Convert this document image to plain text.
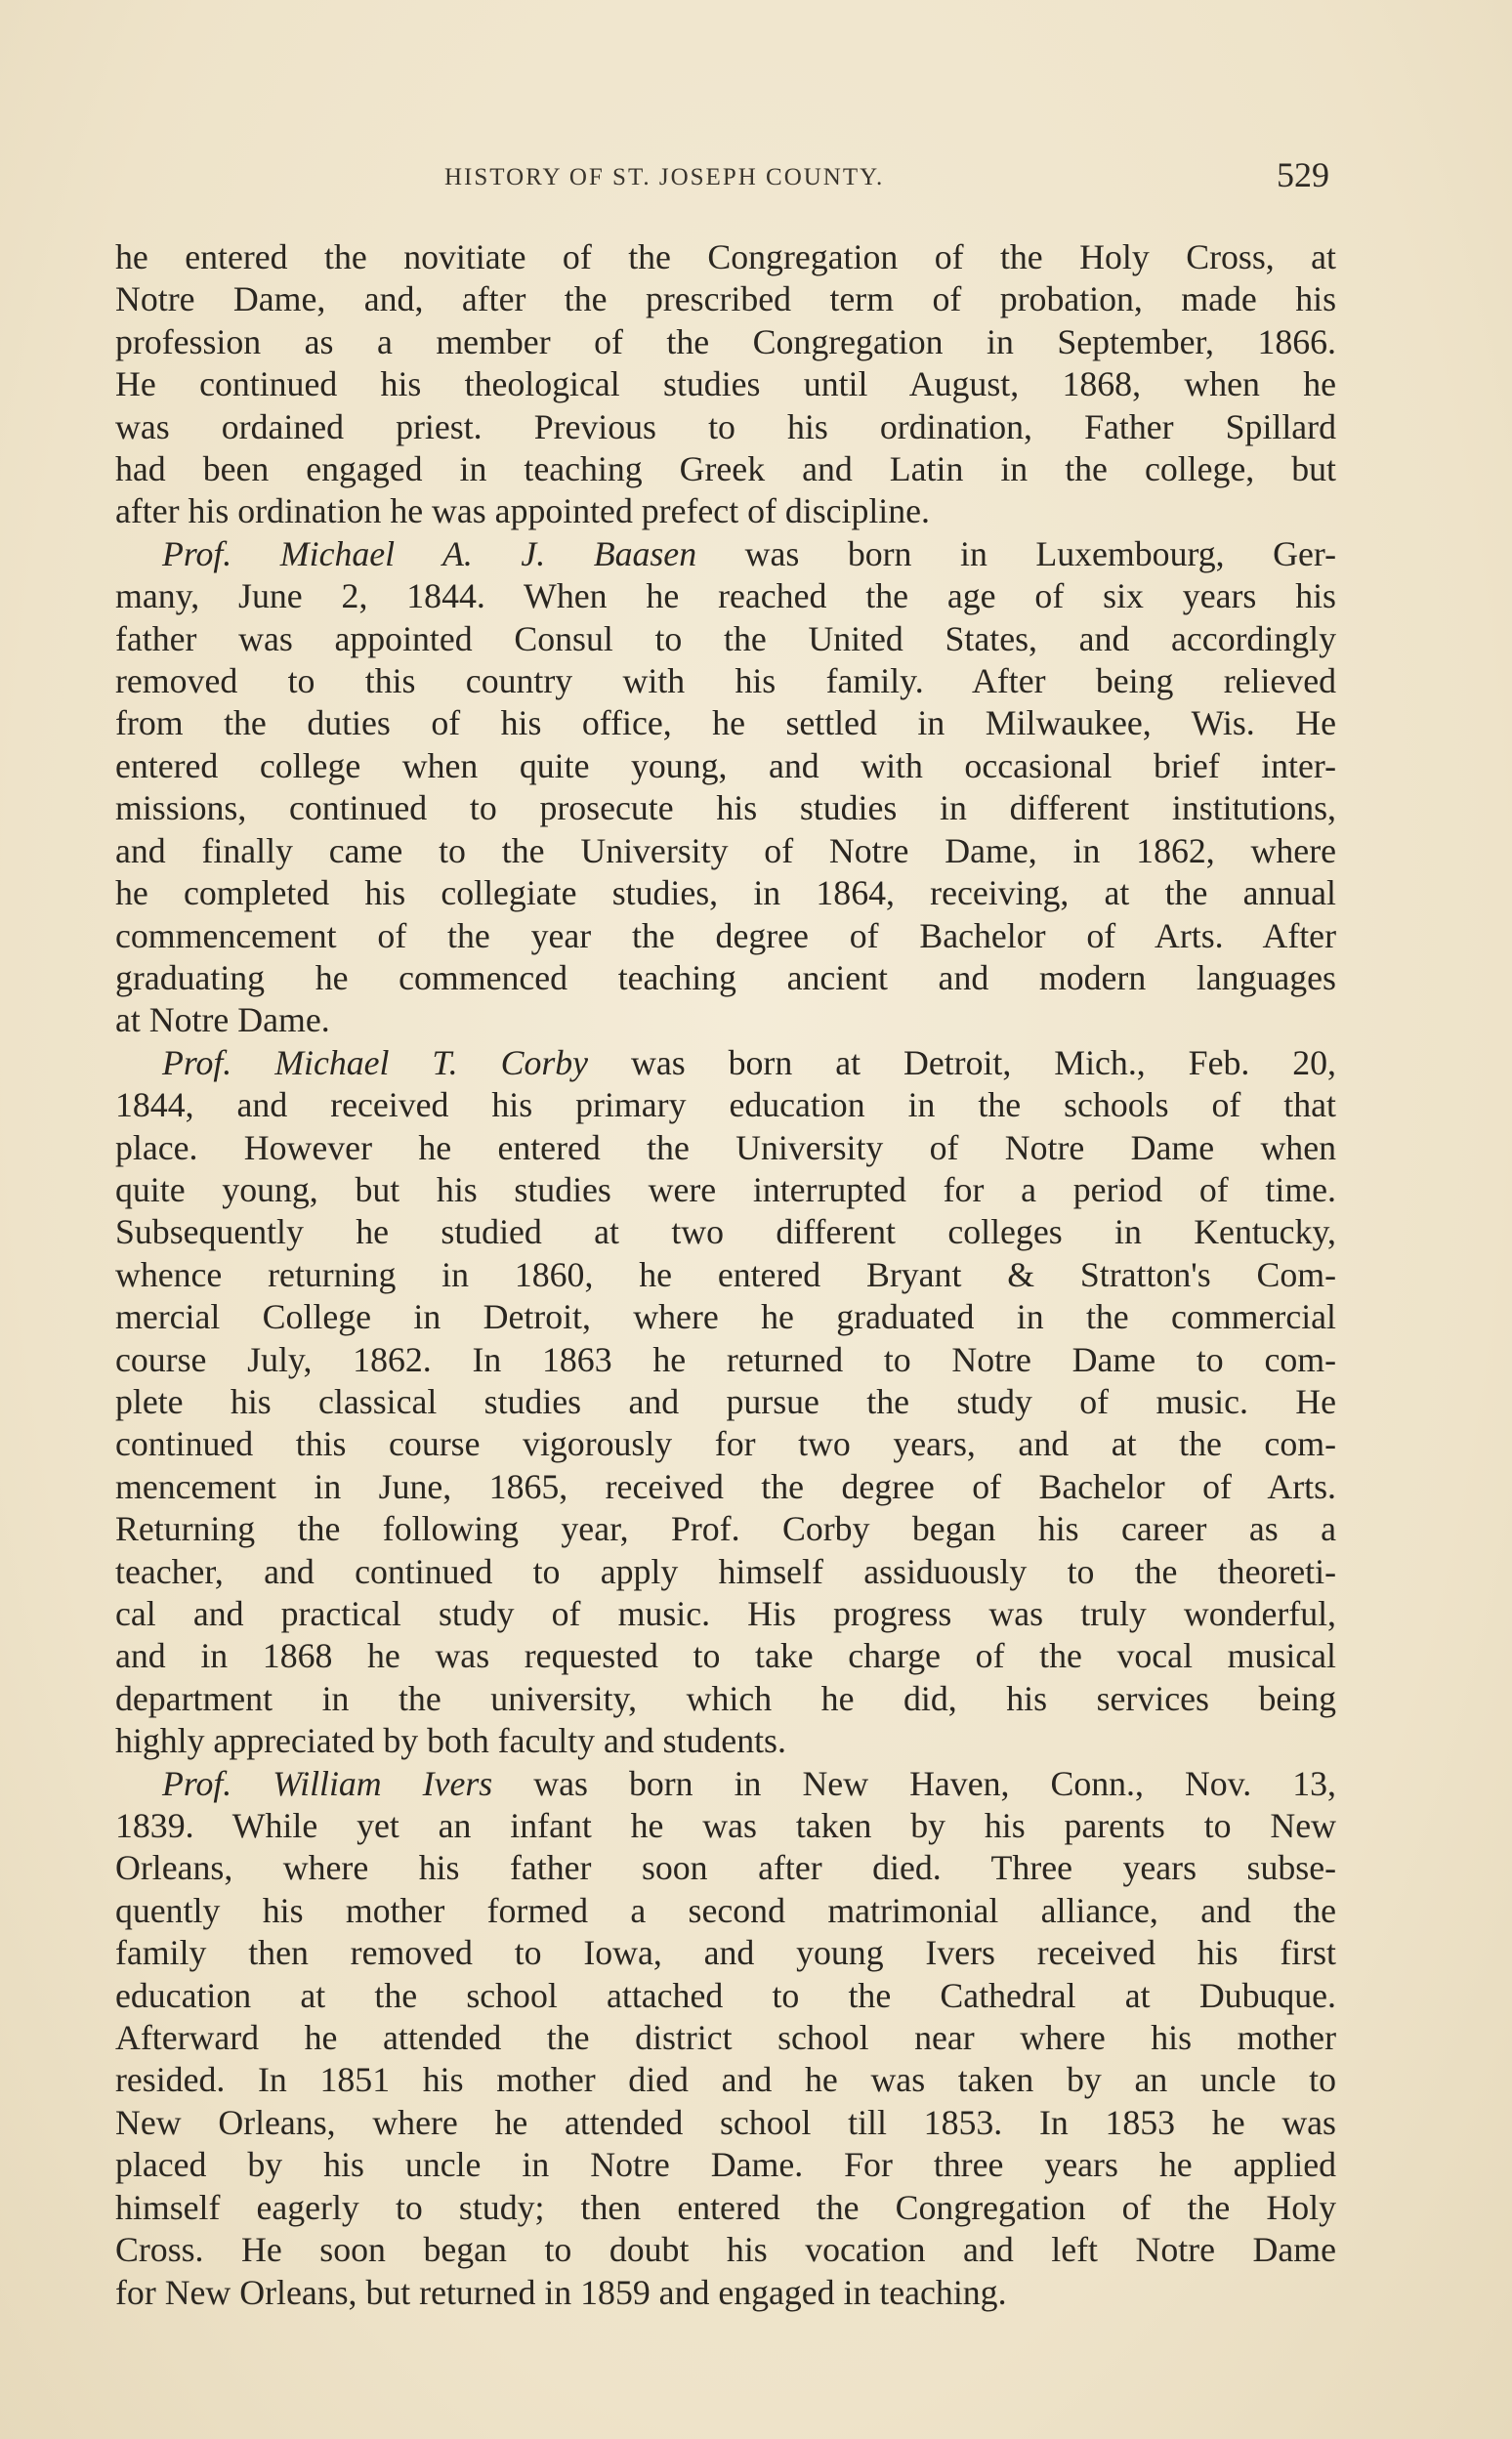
HISTORY OF ST. JOSEPH COUNTY.	529
he entered the novitiate of the Congregation of the Holy Cross, at
Notre Dame, and, after the prescribed term of probation, made his
profession as a member of the Congregation in September, 1866.
He continued his theological studies until August, 1868, when he
was ordained priest. Previous to his ordination, Father Spillard
had been engaged in teaching Greek and Latin in the college, but
after his ordination he was appointed prefect of discipline.
Prof. Michael A. J. Baasen was born in Luxembourg, Ger-
many, June 2, 1844. When he reached the age of six years his
father was appointed Consul to the United States, and accordingly
removed to this country with his family. After being relieved
from the duties of his office, he settled in Milwaukee, Wis. He
entered college when quite young, and with occasional brief inter-
missions, continued to prosecute his studies in different institutions,
and finally came to the University of Notre Dame, in 1862, where
he completed his collegiate studies, in 1864, receiving, at the annual
commencement of the year the degree of Bachelor of Arts. After
graduating he commenced teaching ancient and modern languages
at Notre Dame.
Prof. Michael T. Corby was born at Detroit, Mich., Feb. 20,
1844, and received his primary education in the schools of that
place. However he entered the University of Notre Dame when
quite young, but his studies were interrupted for a period of time.
Subsequently he studied at two different colleges in Kentucky,
whence returning in 1860, he entered Bryant & Stratton's Com-
mercial College in Detroit, where he graduated in the commercial
course July, 1862. In 1863 he returned to Notre Dame to com-
plete his classical studies and pursue the study of music. He
continued this course vigorously for two years, and at the com-
mencement in June, 1865, received the degree of Bachelor of Arts.
Returning the following year, Prof. Corby began his career as a
teacher, and continued to apply himself assiduously to the theoreti-
cal and practical study of music. His progress was truly wonderful,
and in 1868 he was requested to take charge of the vocal musical
department in the university, which he did, his services being
highly appreciated by both faculty and students.
Prof. William Ivers was born in New Haven, Conn., Nov. 13,
1839. While yet an infant he was taken by his parents to New
Orleans, where his father soon after died. Three years subse-
quently his mother formed a second matrimonial alliance, and the
family then removed to Iowa, and young Ivers received his first
education at the school attached to the Cathedral at Dubuque.
Afterward he attended the district school near where his mother
resided. In 1851 his mother died and he was taken by an uncle to
New Orleans, where he attended school till 1853. In 1853 he was
placed by his uncle in Notre Dame. For three years he applied
himself eagerly to study; then entered the Congregation of the Holy
Cross. He soon began to doubt his vocation and left Notre Dame
for New Orleans, but returned in 1859 and engaged in teaching.
